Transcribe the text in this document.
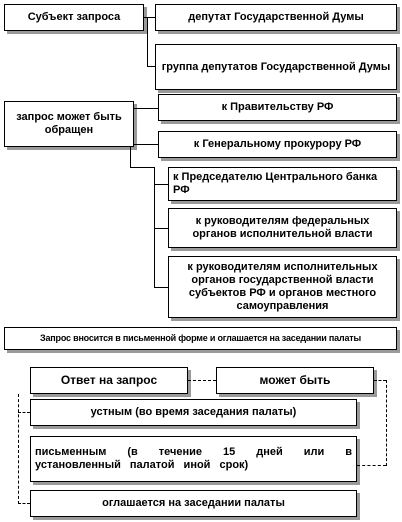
Субъект запроса	депутат Государственной Думы
группа депутатов Государственной Думы
запрос может быть обращен
к Правительству РФ
к Генеральному прокурору РФ
к Председателю Центрального банка РФ
к руководителям федеральных органов исполнительной власти
к руководителям исполнительных органов государственной власти субъектов РФ и органов местного самоуправления
Запрос вносится в письменной форме и оглашается на заседании палаты
Ответ на запрос	может быть
устным (во время заседания палаты)
письменным (в течение 15 дней или в установленный палатой иной срок)
оглашается на заседании палаты
